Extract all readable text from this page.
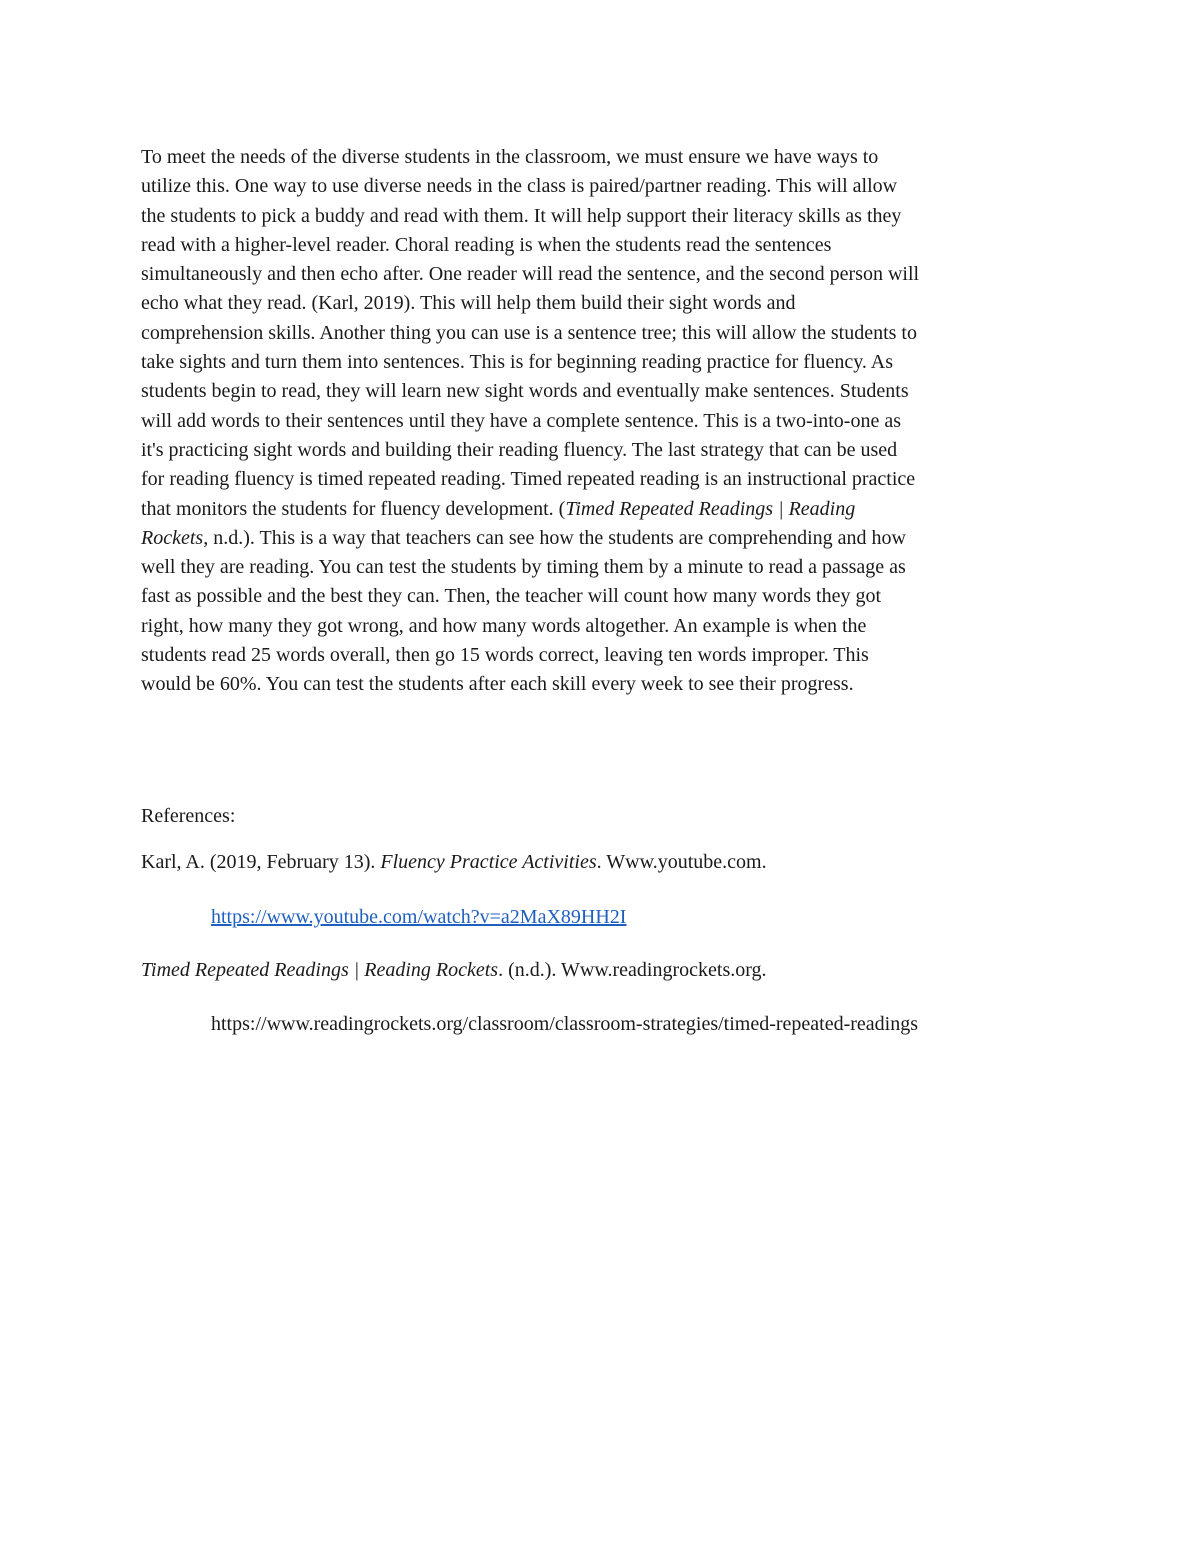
To meet the needs of the diverse students in the classroom, we must ensure we have ways to
utilize this. One way to use diverse needs in the class is paired/partner reading. This will allow
the students to pick a buddy and read with them. It will help support their literacy skills as they
read with a higher-level reader. Choral reading is when the students read the sentences
simultaneously and then echo after. One reader will read the sentence, and the second person will
echo what they read. (Karl, 2019). This will help them build their sight words and
comprehension skills. Another thing you can use is a sentence tree; this will allow the students to
take sights and turn them into sentences. This is for beginning reading practice for fluency. As
students begin to read, they will learn new sight words and eventually make sentences. Students
will add words to their sentences until they have a complete sentence. This is a two-into-one as
it's practicing sight words and building their reading fluency. The last strategy that can be used
for reading fluency is timed repeated reading. Timed repeated reading is an instructional practice
that monitors the students for fluency development. (Timed Repeated Readings | Reading
Rockets, n.d.). This is a way that teachers can see how the students are comprehending and how
well they are reading. You can test the students by timing them by a minute to read a passage as
fast as possible and the best they can. Then, the teacher will count how many words they got
right, how many they got wrong, and how many words altogether. An example is when the
students read 25 words overall, then go 15 words correct, leaving ten words improper. This
would be 60%. You can test the students after each skill every week to see their progress.

References:

Karl, A. (2019, February 13). Fluency Practice Activities. Www.youtube.com.

https://www.youtube.com/watch?v=a2MaX89HH2I

Timed Repeated Readings | Reading Rockets. (n.d.). Www.readingrockets.org.

https://www.readingrockets.org/classroom/classroom-strategies/timed-repeated-readings
